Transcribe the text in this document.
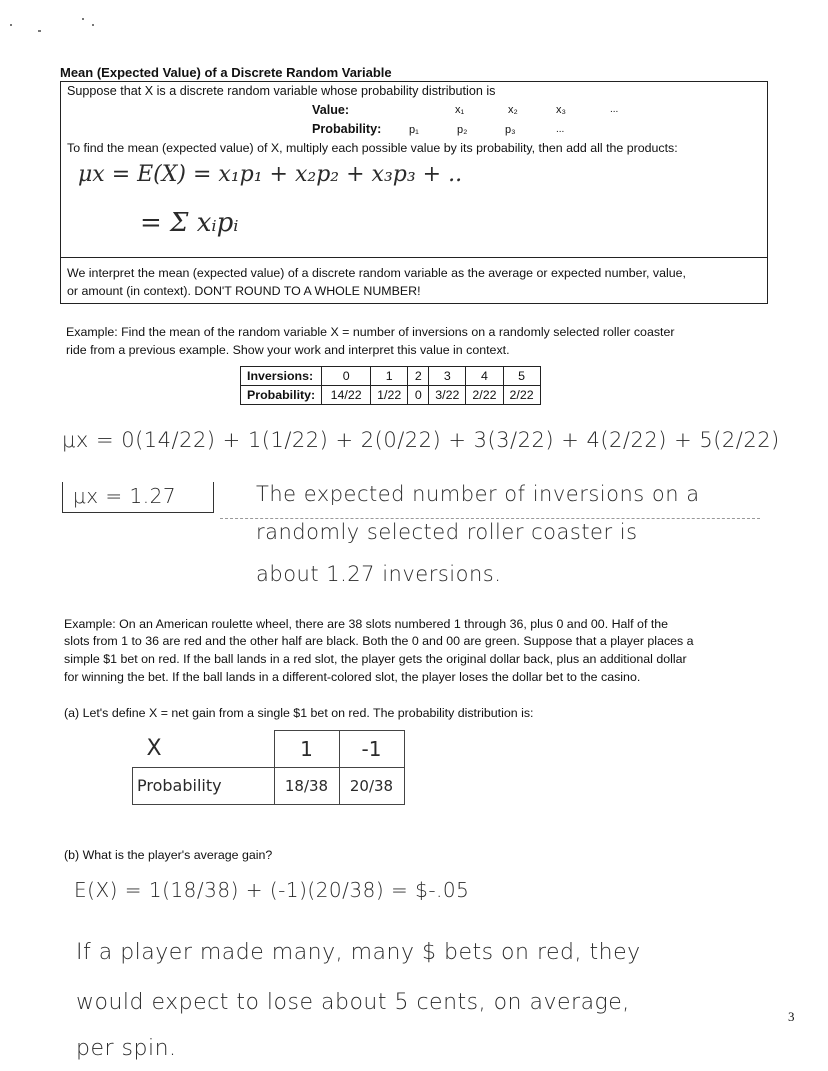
Mean (Expected Value) of a Discrete Random Variable
Suppose that X is a discrete random variable whose probability distribution is
Value:	x₁	x₂	x₃	...
Probability:	p₁	p₂	p₃	...
To find the mean (expected value) of X, multiply each possible value by its probability, then add all the products:
μx = E(X) = x₁p₁ + x₂p₂ + x₃p₃ + ..
= Σ xᵢpᵢ
We interpret the mean (expected value) of a discrete random variable as the average or expected number, value,
or amount (in context). DON'T ROUND TO A WHOLE NUMBER!
Example: Find the mean of the random variable X = number of inversions on a randomly selected roller coaster
ride from a previous example. Show your work and interpret this value in context.
Inversions:	0	1	2	3	4	5
Probability:	14/22	1/22	0	3/22	2/22	2/22
μx = 0(14/22) + 1(1/22) + 2(0/22) + 3(3/22) + 4(2/22) + 5(2/22)
μx = 1.27	The expected number of inversions on a
randomly selected roller coaster is
about 1.27 inversions.
Example: On an American roulette wheel, there are 38 slots numbered 1 through 36, plus 0 and 00. Half of the
slots from 1 to 36 are red and the other half are black. Both the 0 and 00 are green. Suppose that a player places a
simple $1 bet on red. If the ball lands in a red slot, the player gets the original dollar back, plus an additional dollar
for winning the bet. If the ball lands in a different-colored slot, the player loses the dollar bet to the casino.
(a) Let's define X = net gain from a single $1 bet on red. The probability distribution is:
X	1	-1
Probability	18/38	20/38
(b) What is the player's average gain?
E(X) = 1(18/38) + (-1)(20/38) = $-.05
If a player made many, many $ bets on red, they
would expect to lose about 5 cents, on average,
per spin.
3
